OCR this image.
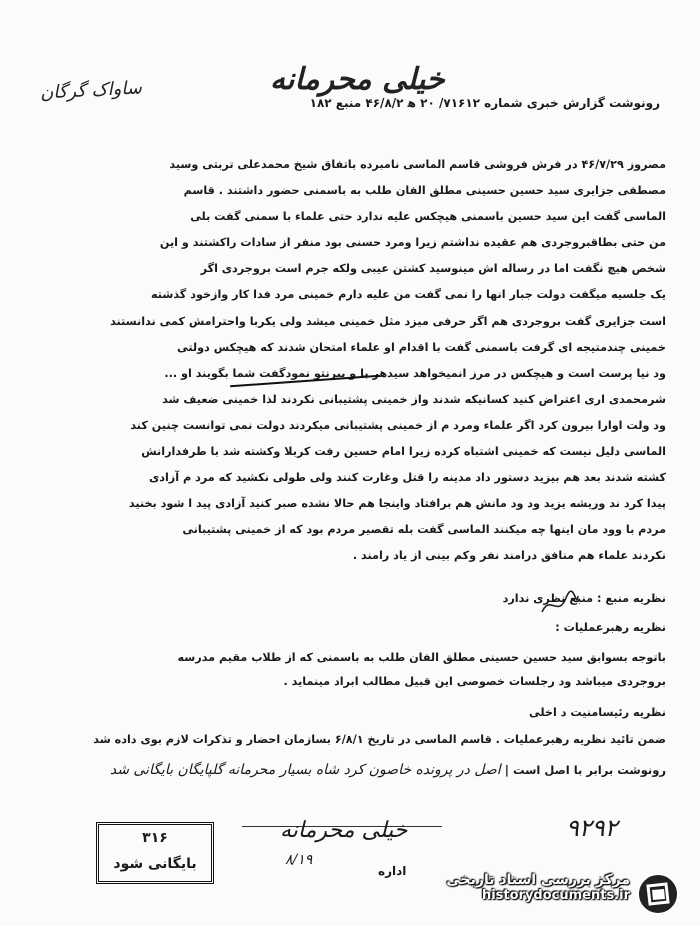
خیلی محرمانه
ساواک گرگان	رونوشت گزارش خبری شماره ۷۱۶۱۲/ ۲۰ ه‍ ۴۶/۸/۲ منبع ۱۸۲

مصروز ۴۶/۷/۲۹ در فرش فروشی قاسم الماسی نامبرده باتفاق شیخ محمدعلی تربتی وسید

مصطفی جزایری سید حسین حسینی مطلق الفان طلب به باسمنی حضور داشتند . قاسم

الماسی گفت این سید حسین باسمنی هیچکس علیه ندارد حتی علماء با سمنی گفت بلی

من حتی بطاقبروجردی هم عقیده نداشتم زیرا ومرد حسنی بود منفر از سادات راکشتند و این

شخص هیچ نگفت اما در رساله اش مینوسید کشتن عیبی ولکه جرم است بروجردی اگر

یک جلسیه میگفت دولت جبار انها را نمی گفت من علیه دارم خمینی مرد فدا کار وازخود گذشته

است جزایری گفت بروجردی هم اگر حرفی میزد مثل خمینی میشد ولی یکربا واحترامش کمی ندانستند

خمینی چندمتیجه ای گرفت باسمنی گفت با اقدام او علماء امتحان شدند که هیچکس دولتی

ود نیا پرست است و هیچکس در مرز انمیخواهد سیدهر با و بیرنتو نمودگفت شما بگویند او ...

شرمحمدی اری اعتراض کنید کسانیکه شدند واز خمینی پشتیبانی نکردند لذا خمینی ضعیف شد

ود ولت اوارا بیرون کرد اگر علماء ومرد م از خمینی پشتیبانی میکردند دولت نمی توانست چنین کند

الماسی دلیل نیست که خمینی اشتباه کرده زیرا امام حسین رفت کربلا وکشته شد با طرفدارانش

کشته شدند بعد هم بیزید دستور داد مدینه را قتل وغارت کنند ولی طولی نکشید که مرد م آزادی

پیدا کرد ند وریشه یزید ود ود مانش هم برافتاد واینجا هم حالا نشده صبر کنید آزادی پید ا شود بخنید

مردم با وود مان اینها چه میکنند الماسی گفت بله تقصیر مردم بود که از خمینی پشتیبانی

نکردند علماء هم منافق درامند نفر وکم بینی از یاد رامند .

نظریه منبع : منبع نظری ندارد

نظریه رهبرعملیات :

باتوجه بسوابق سید حسین حسینی مطلق الفان طلب به باسمنی که از طلاب مقیم مدرسه

بروجردی میباشد ود رجلسات خصوصی این قبیل مطالب ابراد مینماید .

نظریه رئیسامنیت د اخلی

ضمن تائید نظریه رهبرعملیات . قاسم الماسی در تاریخ ۶/۸/۱ بسازمان احضار و تذکرات لازم بوی داده شد

رونوشت برابر با اصل است | اصل در پرونده خاصون کرد شاه بسیار محرمانه گلپایگان بایگانی شد
۳۱۶
بایگانی شود
خیلی محرمانه
۸/۱۹
اداره
۹۲۹۲
مرکز بررسی اسناد تاریخی
historydocuments.ir
